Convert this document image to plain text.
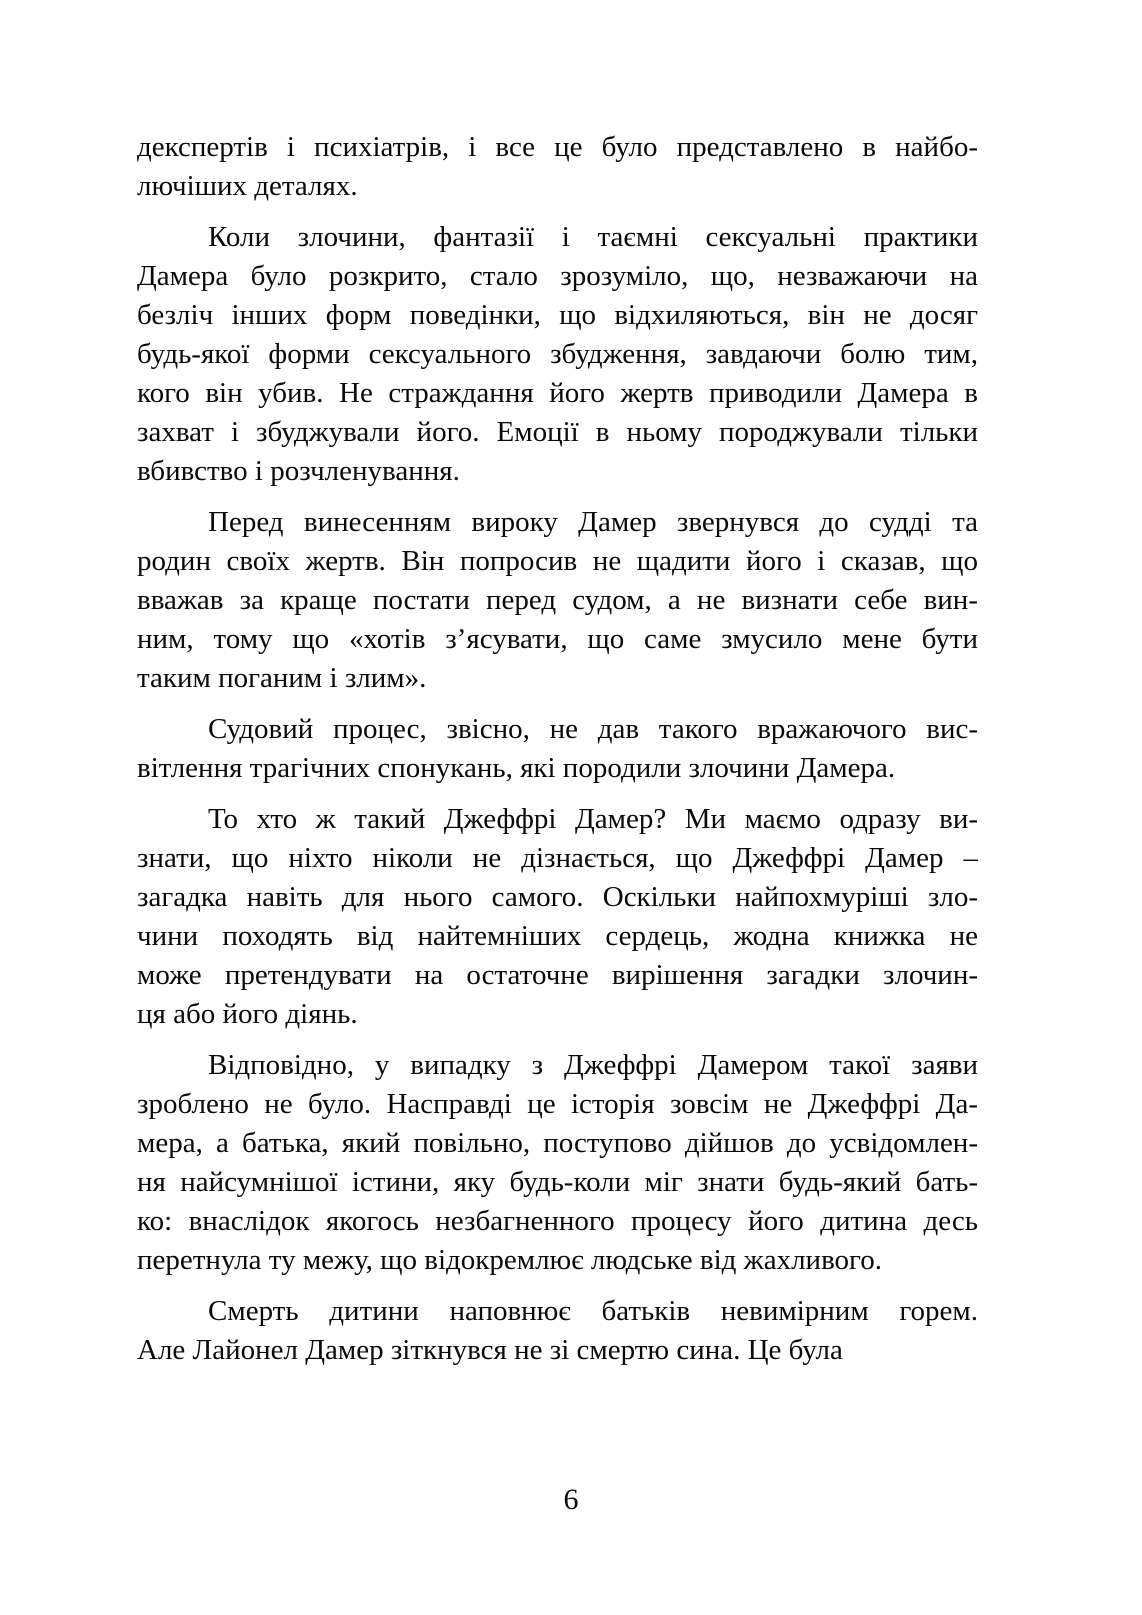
декспертів і психіатрів, і все це було представлено в найбо-
лючіших деталях.
Коли злочини, фантазії і таємні сексуальні практики
Дамера було розкрито, стало зрозуміло, що, незважаючи на
безліч інших форм поведінки, що відхиляються, він не досяг
будь-якої форми сексуального збудження, завдаючи болю тим,
кого він убив. Не страждання його жертв приводили Дамера в
захват і збуджували його. Емоції в ньому породжували тільки
вбивство і розчленування.
Перед винесенням вироку Дамер звернувся до судді та
родин своїх жертв. Він попросив не щадити його і сказав, що
вважав за краще постати перед судом, а не визнати себе вин-
ним, тому що «хотів з’ясувати, що саме змусило мене бути
таким поганим і злим».
Судовий процес, звісно, не дав такого вражаючого вис-
вітлення трагічних спонукань, які породили злочини Дамера.
То хто ж такий Джеффрі Дамер? Ми маємо одразу ви-
знати, що ніхто ніколи не дізнається, що Джеффрі Дамер –
загадка навіть для нього самого. Оскільки найпохмуріші зло-
чини походять від найтемніших сердець, жодна книжка не
може претендувати на остаточне вирішення загадки злочин-
ця або його діянь.
Відповідно, у випадку з Джеффрі Дамером такої заяви
зроблено не було. Насправді це історія зовсім не Джеффрі Да-
мера, а батька, який повільно, поступово дійшов до усвідомлен-
ня найсумнішої істини, яку будь-коли міг знати будь-який бать-
ко: внаслідок якогось незбагненного процесу його дитина десь
перетнула ту межу, що відокремлює людське від жахливого.
Смерть дитини наповнює батьків невимірним горем.
Але Лайонел Дамер зіткнувся не зі смертю сина. Це була
6
